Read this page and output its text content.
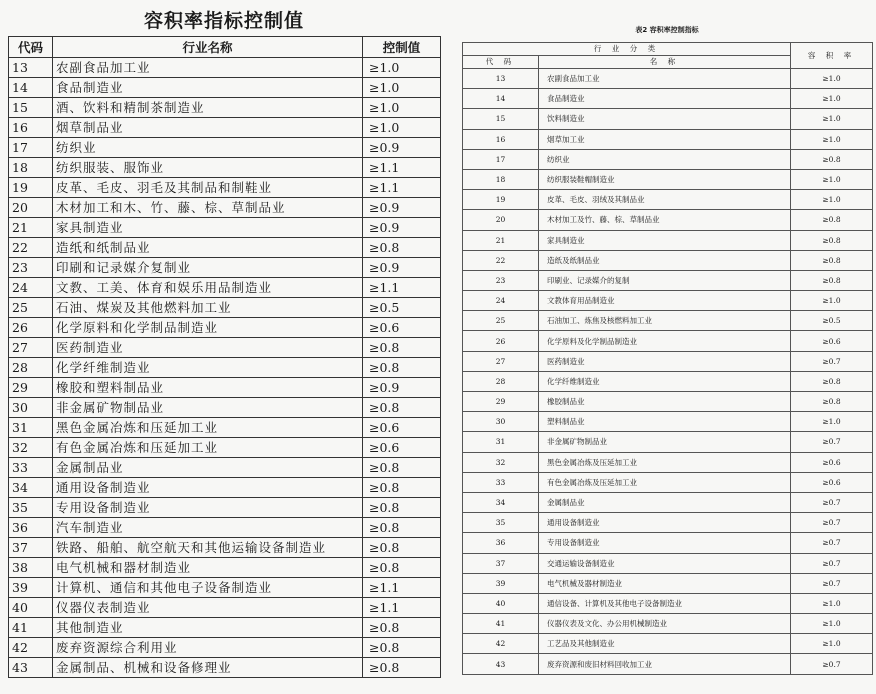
容积率指标控制值
代码	行业名称	控制值
13	农副食品加工业	≥1.0
14	食品制造业	≥1.0
15	酒、饮料和精制茶制造业	≥1.0
16	烟草制品业	≥1.0
17	纺织业	≥0.9
18	纺织服装、服饰业	≥1.1
19	皮革、毛皮、羽毛及其制品和制鞋业	≥1.1
20	木材加工和木、竹、藤、棕、草制品业	≥0.9
21	家具制造业	≥0.9
22	造纸和纸制品业	≥0.8
23	印刷和记录媒介复制业	≥0.9
24	文教、工美、体育和娱乐用品制造业	≥1.1
25	石油、煤炭及其他燃料加工业	≥0.5
26	化学原料和化学制品制造业	≥0.6
27	医药制造业	≥0.8
28	化学纤维制造业	≥0.8
29	橡胶和塑料制品业	≥0.9
30	非金属矿物制品业	≥0.8
31	黑色金属冶炼和压延加工业	≥0.6
32	有色金属冶炼和压延加工业	≥0.6
33	金属制品业	≥0.8
34	通用设备制造业	≥0.8
35	专用设备制造业	≥0.8
36	汽车制造业	≥0.8
37	铁路、船舶、航空航天和其他运输设备制造业	≥0.8
38	电气机械和器材制造业	≥0.8
39	计算机、通信和其他电子设备制造业	≥1.1
40	仪器仪表制造业	≥1.1
41	其他制造业	≥0.8
42	废弃资源综合利用业	≥0.8
43	金属制品、机械和设备修理业	≥0.8
表2 容积率控制指标
行 业 分 类		容 积 率
代 码	名 称	
13	农副食品加工业	≥1.0
14	食品制造业	≥1.0
15	饮料制造业	≥1.0
16	烟草加工业	≥1.0
17	纺织业	≥0.8
18	纺织服装鞋帽制造业	≥1.0
19	皮革、毛皮、羽绒及其制品业	≥1.0
20	木材加工及竹、藤、棕、草制品业	≥0.8
21	家具制造业	≥0.8
22	造纸及纸制品业	≥0.8
23	印刷业、记录媒介的复制	≥0.8
24	文教体育用品制造业	≥1.0
25	石油加工、炼焦及核燃料加工业	≥0.5
26	化学原料及化学制品制造业	≥0.6
27	医药制造业	≥0.7
28	化学纤维制造业	≥0.8
29	橡胶制品业	≥0.8
30	塑料制品业	≥1.0
31	非金属矿物制品业	≥0.7
32	黑色金属冶炼及压延加工业	≥0.6
33	有色金属冶炼及压延加工业	≥0.6
34	金属制品业	≥0.7
35	通用设备制造业	≥0.7
36	专用设备制造业	≥0.7
37	交通运输设备制造业	≥0.7
39	电气机械及器材制造业	≥0.7
40	通信设备、计算机及其他电子设备制造业	≥1.0
41	仪器仪表及文化、办公用机械制造业	≥1.0
42	工艺品及其他制造业	≥1.0
43	废弃资源和废旧材料回收加工业	≥0.7
